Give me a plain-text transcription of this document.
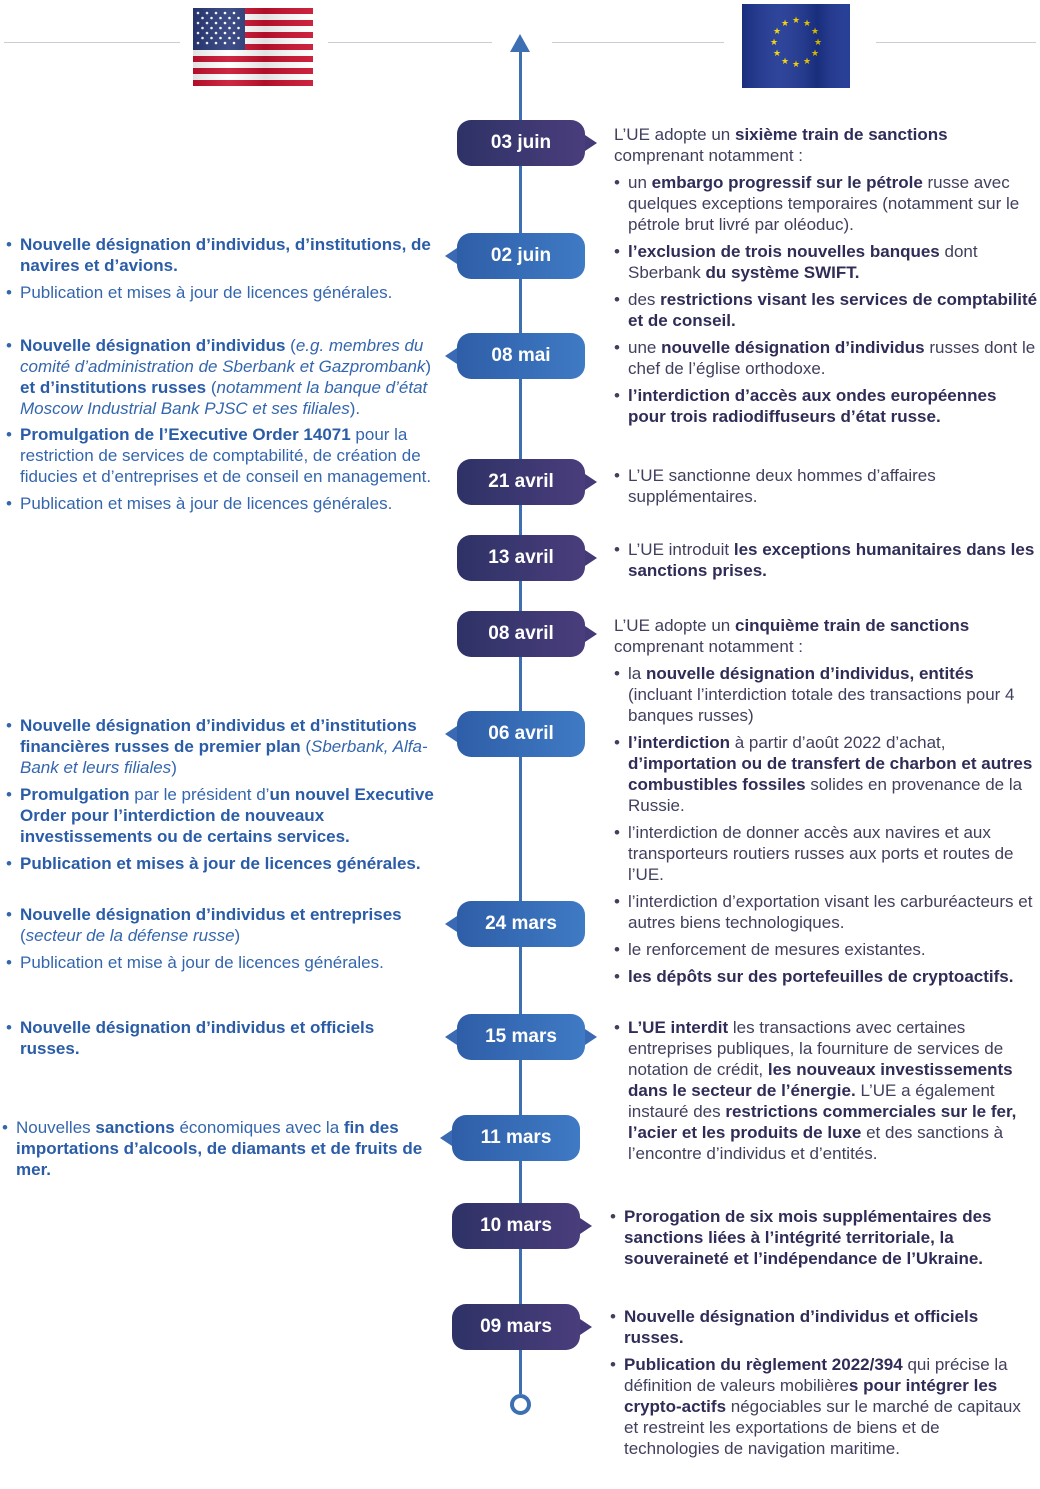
03 juin
02 juin
08 mai
21 avril
13 avril
08 avril
06 avril
24 mars
15 mars
11 mars
10 mars
09 mars
• Nouvelle désignation d’individus, d’institutions, de navires et d’avions.
• Publication et mises à jour de licences générales.
• Nouvelle désignation d’individus (e.g. membres du comité d’administration de Sberbank et Gazprombank) et d’institutions russes (notamment la banque d’état Moscow Industrial Bank PJSC et ses filiales).
• Promulgation de l’Executive Order 14071 pour la restriction de services de comptabilité, de création de fiducies et d’entreprises et de conseil en management.
• Publication et mises à jour de licences générales.
• Nouvelle désignation d’individus et d’institutions financières russes de premier plan (Sberbank, Alfa-Bank et leurs filiales)
• Promulgation par le président d’un nouvel Executive Order pour l’interdiction de nouveaux investissements ou de certains services.
• Publication et mises à jour de licences générales.
• Nouvelle désignation d’individus et entreprises (secteur de la défense russe)
• Publication et mise à jour de licences générales.
• Nouvelle désignation d’individus et officiels russes.
• Nouvelles sanctions économiques avec la fin des importations d’alcools, de diamants et de fruits de mer.

L’UE adopte un sixième train de sanctions comprenant notamment :

• un embargo progressif sur le pétrole russe avec quelques exceptions temporaires (notamment sur le pétrole brut livré par oléoduc).
• l’exclusion de trois nouvelles banques dont Sberbank du système SWIFT.
• des restrictions visant les services de comptabilité et de conseil.
• une nouvelle désignation d’individus russes dont le chef de l’église orthodoxe.
• l’interdiction d’accès aux ondes européennes pour trois radiodiffuseurs d’état russe.
• L’UE sanctionne deux hommes d’affaires supplémentaires.
• L’UE introduit les exceptions humanitaires dans les sanctions prises.

L’UE adopte un cinquième train de sanctions comprenant notamment :

• la nouvelle désignation d’individus, entités (incluant l’interdiction totale des transactions pour 4 banques russes)
• l’interdiction à partir d’août 2022 d’achat, d’importation ou de transfert de charbon et autres combustibles fossiles solides en provenance de la Russie.
• l’interdiction de donner accès aux navires et aux transporteurs routiers russes aux ports et routes de l’UE.
• l’interdiction d’exportation visant les carburéacteurs et autres biens technologiques.
• le renforcement de mesures existantes.
• les dépôts sur des portefeuilles de cryptoactifs.
• L’UE interdit les transactions avec certaines entreprises publiques, la fourniture de services de notation de crédit, les nouveaux investissements dans le secteur de l’énergie. L’UE a également instauré des restrictions commerciales sur le fer, l’acier et les produits de luxe et des sanctions à l’encontre d’individus et d’entités.
• Prorogation de six mois supplémentaires des sanctions liées à l’intégrité territoriale, la souveraineté et l’indépendance de l’Ukraine.
• Nouvelle désignation d’individus et officiels russes.
• Publication du règlement 2022/394 qui précise la définition de valeurs mobilières pour intégrer les crypto-actifs négociables sur le marché de capitaux et restreint les exportations de biens et de technologies de navigation maritime.
